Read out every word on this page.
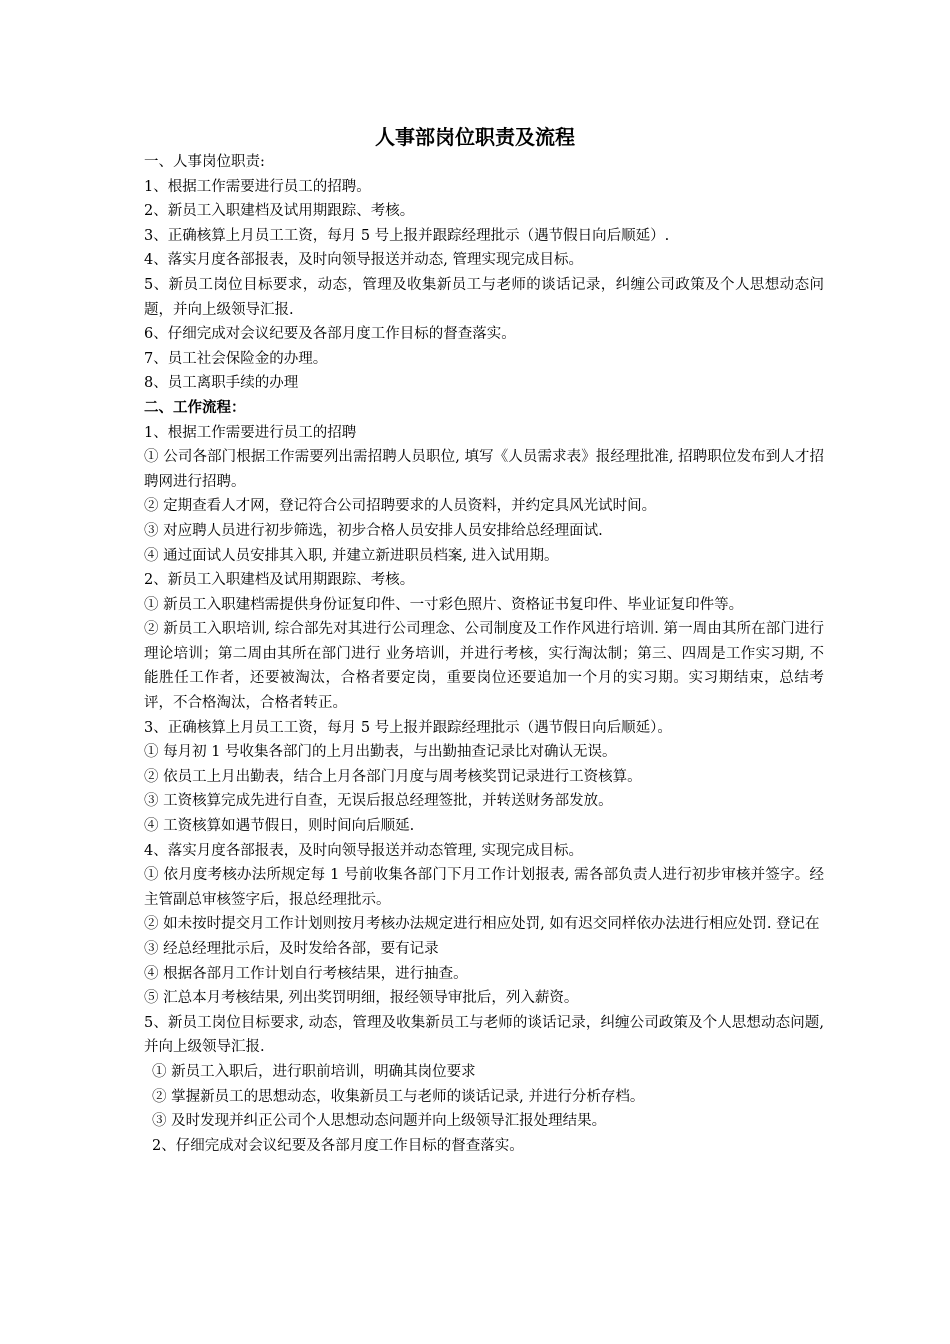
人事部岗位职责及流程

一、人事岗位职责:

1、根据工作需要进行员工的招聘。

2、新员工入职建档及试用期跟踪、考核。

3、正确核算上月员工工资，每月 5 号上报并跟踪经理批示（遇节假日向后顺延）.

4、落实月度各部报表，及时向领导报送并动态, 管理实现完成目标。

5、新员工岗位目标要求，动态，管理及收集新员工与老师的谈话记录，纠缠公司政策及个人思想动态问题，并向上级领导汇报.

6、仔细完成对会议纪要及各部月度工作目标的督查落实。

7、员工社会保险金的办理。

8、员工离职手续的办理

二、工作流程：

1、根据工作需要进行员工的招聘

① 公司各部门根据工作需要列出需招聘人员职位, 填写《人员需求表》报经理批准, 招聘职位发布到人才招聘网进行招聘。

② 定期查看人才网，登记符合公司招聘要求的人员资料，并约定具风光试时间。

③ 对应聘人员进行初步筛选，初步合格人员安排人员安排给总经理面试.

④ 通过面试人员安排其入职, 并建立新进职员档案, 进入试用期。

2、新员工入职建档及试用期跟踪、考核。

① 新员工入职建档需提供身份证复印件、一寸彩色照片、资格证书复印件、毕业证复印件等。

② 新员工入职培训, 综合部先对其进行公司理念、公司制度及工作作风进行培训. 第一周由其所在部门进行理论培训；第二周由其所在部门进行 业务培训，并进行考核，实行淘汰制；第三、四周是工作实习期, 不能胜任工作者，还要被淘汰，合格者要定岗，重要岗位还要追加一个月的实习期。实习期结束，总结考评，不合格淘汰，合格者转正。

3、正确核算上月员工工资，每月 5 号上报并跟踪经理批示（遇节假日向后顺延）。

① 每月初 1 号收集各部门的上月出勤表，与出勤抽查记录比对确认无误。

② 依员工上月出勤表，结合上月各部门月度与周考核奖罚记录进行工资核算。

③ 工资核算完成先进行自查，无误后报总经理签批，并转送财务部发放。

④ 工资核算如遇节假日，则时间向后顺延.

4、落实月度各部报表，及时向领导报送并动态管理, 实现完成目标。

① 依月度考核办法所规定每 1 号前收集各部门下月工作计划报表, 需各部负责人进行初步审核并签字。经主管副总审核签字后，报总经理批示。

② 如未按时提交月工作计划则按月考核办法规定进行相应处罚, 如有迟交同样依办法进行相应处罚. 登记在

③ 经总经理批示后，及时发给各部，要有记录

④ 根据各部月工作计划自行考核结果，进行抽查。

⑤ 汇总本月考核结果, 列出奖罚明细，报经领导审批后，列入薪资。

5、新员工岗位目标要求, 动态，管理及收集新员工与老师的谈话记录，纠缠公司政策及个人思想动态问题, 并向上级领导汇报.

① 新员工入职后，进行职前培训，明确其岗位要求

② 掌握新员工的思想动态，收集新员工与老师的谈话记录, 并进行分析存档。

③ 及时发现并纠正公司个人思想动态问题并向上级领导汇报处理结果。

2、仔细完成对会议纪要及各部月度工作目标的督查落实。
